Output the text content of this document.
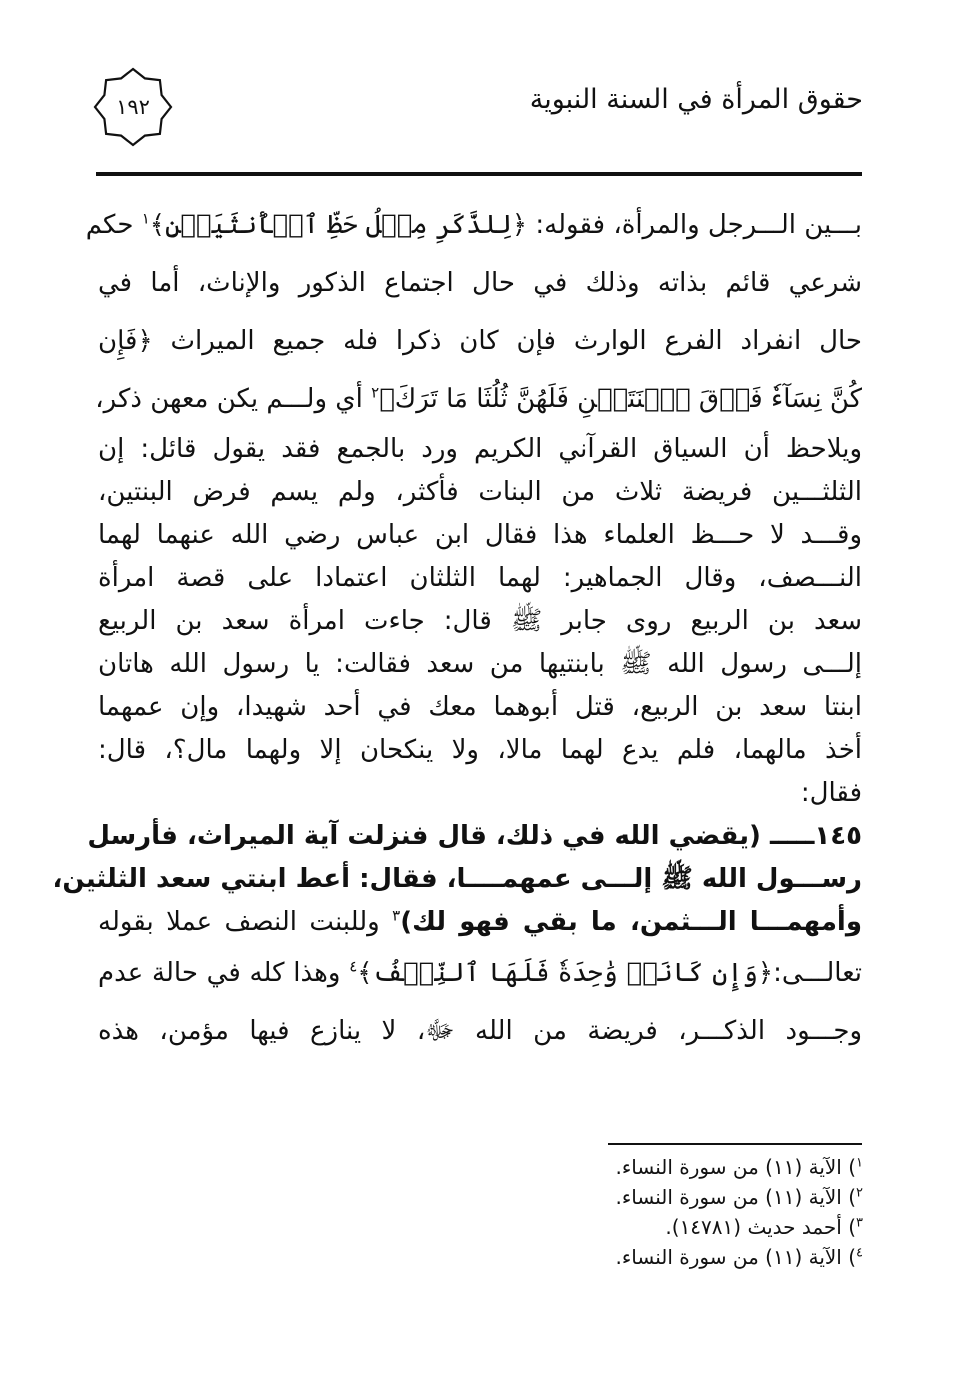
حقوق المرأة في السنة النبوية
١٩٢
بـــين الـــرجل والمرأة، فقوله: ﴿لِلذَّكَرِ مِثۡلُ حَظِّ ٱلۡأُنثَيَيۡنِ﴾$^١$ حكم
شرعي قائم بذاته وذلك في حال اجتماع الذكور والإناث، أما في
حال انفراد الفرع الوارث فإن كان ذكرا فله جميع الميراث ﴿فَإِن
كُنَّ نِسَآءٗ فَوۡقَ ٱثۡنَتَيۡنِ فَلَهُنَّ ثُلُثَا مَا تَرَكَ﴾$^٢$ أي ولـــم يكن معهن ذكر،
ويلاحظ أن السياق القرآني الكريم ورد بالجمع فقد يقول قائل: إن
الثلثـــين فريضة ثلاث من البنات فأكثر، ولم يسم فرض البنتين،
وقـــد لا حـــظ العلماء هذا فقال ابن عباس رضي الله عنهما لهما
النـــصف، وقال الجماهير: لهما الثلثان اعتمادا على قصة امرأة
سعد بن الربيع روى جابر ﷺ قال: جاءت امرأة سعد بن الربيع
إلـــى رسول الله ﷺ بابنتيها من سعد فقالت: يا رسول الله هاتان
ابنتا سعد بن الربيع، قتل أبوهما معك في أحد شهيدا، وإن عمهما
أخذ مالهما، فلم يدع لهما مالا، ولا ينكحان إلا ولهما مال؟، قال:
فقال:
١٤٥ـــــ (يقضي الله في ذلك، قال فنزلت آية الميراث، فأرسل
رســـول الله ﷺ إلـــى عمهمــــا، فقال: أعط ابنتي سعد الثلثين،
وأمهمـــا الـــثمن، ما بقي فهو لك)$^٣$ وللبنت النصف عملا بقوله
تعالـــى:﴿وَإِن كَانَتۡ وَٰحِدَةٗ فَلَهَا ٱلنِّصۡفُ﴾$^٤$ وهذا كله في حالة عدم
وجـــود الذكـــر، فريضة من الله ﷻ، لا ينازع فيها مؤمن، هذه
$^١$) الآية (١١) من سورة النساء.
$^٢$) الآية (١١) من سورة النساء.
$^٣$) أحمد حديث (١٤٧٨١).
$^٤$) الآية (١١) من سورة النساء.
